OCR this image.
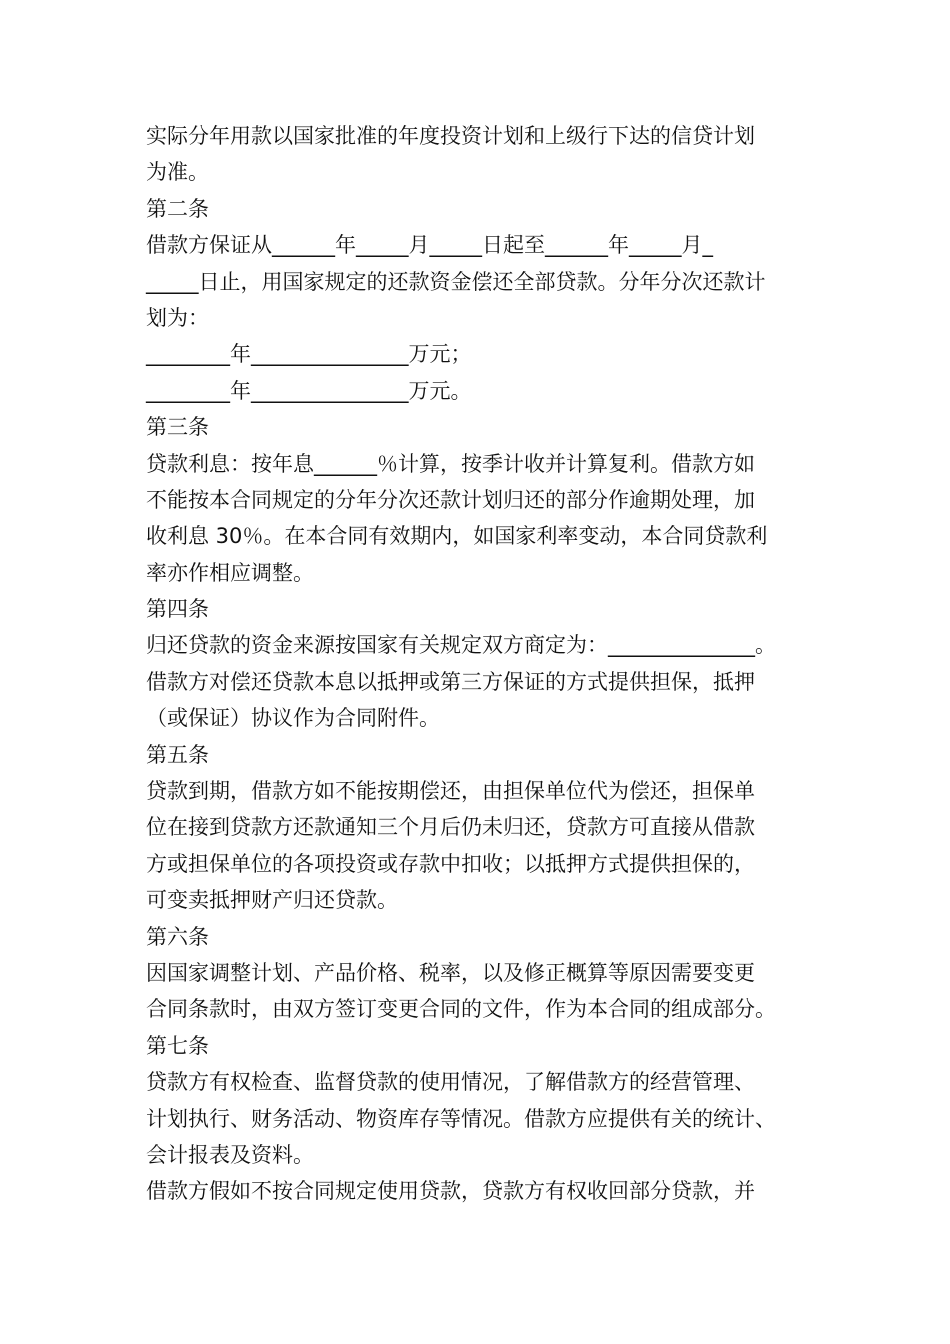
实际分年用款以国家批准的年度投资计划和上级行下达的信贷计划
为准。
第二条
借款方保证从______年_____月_____日起至______年_____月_
_____日止，用国家规定的还款资金偿还全部贷款。分年分次还款计
划为：
________年_______________万元；
________年_______________万元。
第三条
贷款利息：按年息______％计算，按季计收并计算复利。借款方如
不能按本合同规定的分年分次还款计划归还的部分作逾期处理，加
收利息 30％。在本合同有效期内，如国家利率变动，本合同贷款利
率亦作相应调整。
第四条
归还贷款的资金来源按国家有关规定双方商定为：______________。
借款方对偿还贷款本息以抵押或第三方保证的方式提供担保，抵押
（或保证）协议作为合同附件。
第五条
贷款到期，借款方如不能按期偿还，由担保单位代为偿还，担保单
位在接到贷款方还款通知三个月后仍未归还，贷款方可直接从借款
方或担保单位的各项投资或存款中扣收；以抵押方式提供担保的，
可变卖抵押财产归还贷款。
第六条
因国家调整计划、产品价格、税率，以及修正概算等原因需要变更
合同条款时，由双方签订变更合同的文件，作为本合同的组成部分。
第七条
贷款方有权检查、监督贷款的使用情况，了解借款方的经营管理、
计划执行、财务活动、物资库存等情况。借款方应提供有关的统计、
会计报表及资料。
借款方假如不按合同规定使用贷款，贷款方有权收回部分贷款，并
